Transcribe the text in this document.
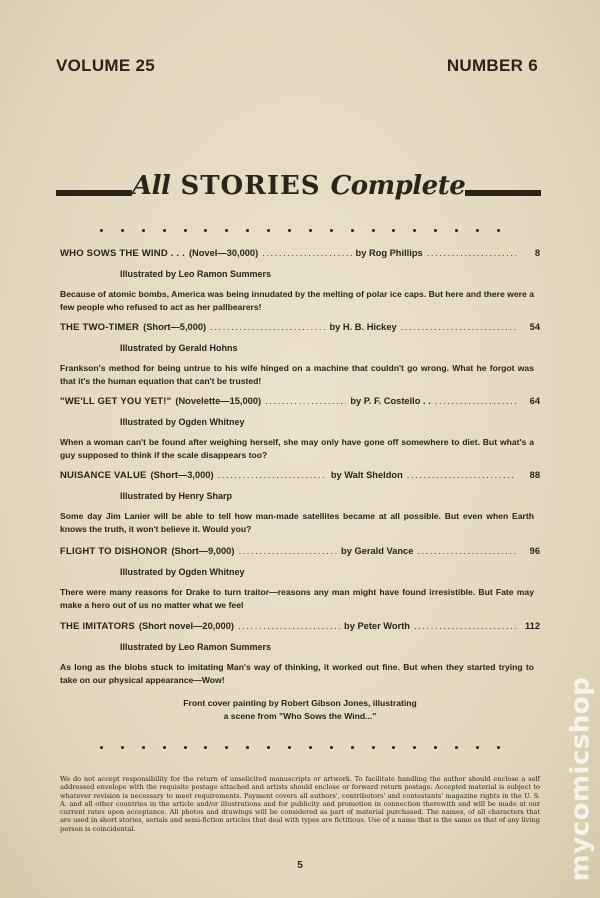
VOLUME 25	NUMBER 6
All STORIES Complete
WHO SOWS THE WIND . . . (Novel—30,000) .....	by Rog Phillips .....	8
Illustrated by Leo Ramon Summers
Because of atomic bombs, America was being innudated by the melting of polar ice caps. But here and there were a few people who refused to act as her pallbearers!
THE TWO-TIMER (Short—5,000) .....	by H. B. Hickey .....	54
Illustrated by Gerald Hohns
Frankson's method for being untrue to his wife hinged on a machine that couldn't go wrong. What he forgot was that it's the human equation that can't be trusted!
"WE'LL GET YOU YET!" (Novelette—15,000) .....	by P. F. Costello . . .....	64
Illustrated by Ogden Whitney
When a woman can't be found after weighing herself, she may only have gone off somewhere to diet. But what's a guy supposed to think if the scale disappears too?
NUISANCE VALUE (Short—3,000) .....	by Walt Sheldon .....	88
Illustrated by Henry Sharp
Some day Jim Lanier will be able to tell how man-made satellites became at all possible. But even when Earth knows the truth, it won't believe it. Would you?
FLIGHT TO DISHONOR (Short—9,000) .....	by Gerald Vance .....	96
Illustrated by Ogden Whitney
There were many reasons for Drake to turn traitor—reasons any man might have found irresistible. But Fate may make a hero out of us no matter what we feel
THE IMITATORS (Short novel—20,000) .....	by Peter Worth .....	112
Illustrated by Leo Ramon Summers
As long as the blobs stuck to imitating Man's way of thinking, it worked out fine. But when they started trying to take on our physical appearance—Wow!
Front cover painting by Robert Gibson Jones, illustrating
a scene from "Who Sows the Wind..."
We do not accept responsibility for the return of unsolicited manuscripts or artwork. To facilitate handling the author should enclose a self addressed envelope with the requisite postage attached and artists should enclose or forward return postage. Accepted material is subject to whatever revision is necessary to meet requirements. Payment covers all authors', contributors' and contestants' magazine rights in the U. S. A. and all other countries in the article and/or illustrations and for publicity and promotion in connection therewith and will be made at our current rates upon acceptance. All photos and drawings will be considered as part of material purchased. The names, of all characters that are used in short stories, serials and semi-fiction articles that deal with types are fictitious. Use of a name that is the same as that of any living person is coincidental.
5	mycomicshop
